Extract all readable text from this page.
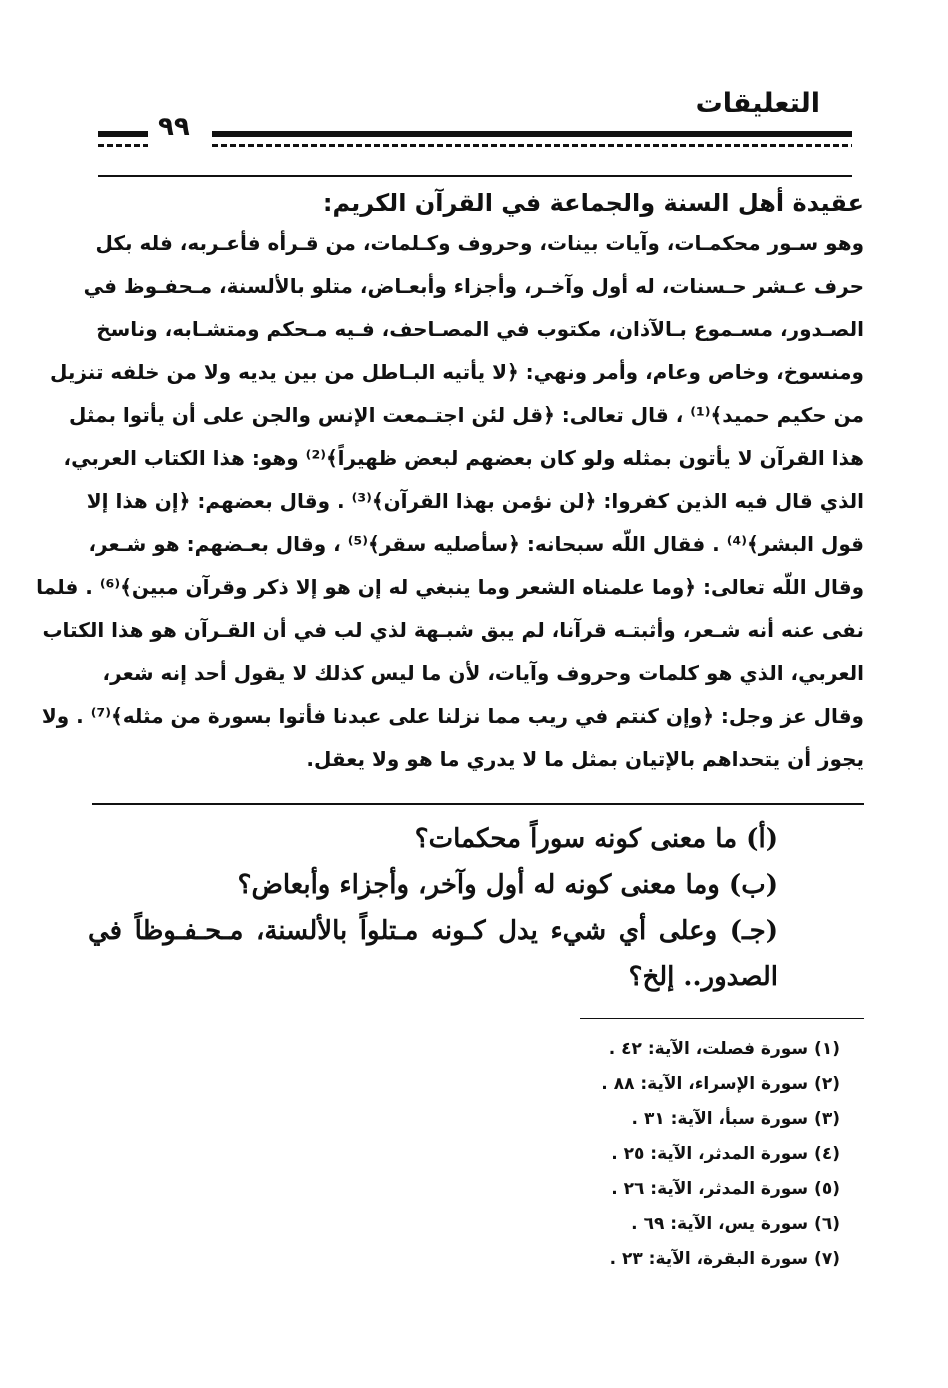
التعليقات
٩٩
عقيدة أهل السنة والجماعة في القرآن الكريم:
وهو سـور محكمـات، وآيات بينات، وحروف وكـلمات، من قـرأه فأعـربه، فله بكل
حرف عـشر حـسنات، له أول وآخـر، وأجزاء وأبعـاض، متلو بالألسنة، مـحفـوظ في
الصـدور، مسـموع بـالآذان، مكتوب في المصـاحف، فـيه مـحكم ومتشـابه، وناسخ
ومنسوخ، وخاص وعام، وأمر ونهي: ﴿لا يأتيه البـاطل من بين يديه ولا من خلفه تنزيل
من حكيم حميد﴾⁽¹⁾ ، قال تعالى: ﴿قل لئن اجتـمعت الإنس والجن على أن يأتوا بمثل
هذا القرآن لا يأتون بمثله ولو كان بعضهم لبعض ظهيراً﴾⁽²⁾ وهو: هذا الكتاب العربي،
الذي قال فيه الذين كفروا: ﴿لن نؤمن بهذا القرآن﴾⁽³⁾ . وقال بعضهم: ﴿إن هذا إلا
قول البشر﴾⁽⁴⁾ . فقال اللّه سبحانه: ﴿سأصليه سقر﴾⁽⁵⁾ ، وقال بعـضهم: هو شـعر،
وقال اللّه تعالى: ﴿وما علمناه الشعر وما ينبغي له إن هو إلا ذكر وقرآن مبين﴾⁽⁶⁾ . فلما
نفى عنه أنه شـعر، وأثبتـه قرآنا، لم يبق شبـهة لذي لب في أن القـرآن هو هذا الكتاب
العربي، الذي هو كلمات وحروف وآيات، لأن ما ليس كذلك لا يقول أحد إنه شعر،
وقال عز وجل: ﴿وإن كنتم في ريب مما نزلنا على عبدنا فأتوا بسورة من مثله﴾⁽⁷⁾ . ولا
يجوز أن يتحداهم بالإتيان بمثل ما لا يدري ما هو ولا يعقل.
(أ) ما معنى كونه سوراً محكمات؟
(ب) وما معنى كونه له أول وآخر، وأجزاء وأبعاض؟
(جـ) وعلى أي شيء يدل كـونه مـتلواً بالألسنة، مـحـفـوظاً في
الصدور.. إلخ؟
(١) سورة فصلت، الآية: ٤٢ .
(٢) سورة الإسراء، الآية: ٨٨ .
(٣) سورة سبأ، الآية: ٣١ .
(٤) سورة المدثر، الآية: ٢٥ .
(٥) سورة المدثر، الآية: ٢٦ .
(٦) سورة يس، الآية: ٦٩ .
(٧) سورة البقرة، الآية: ٢٣ .
